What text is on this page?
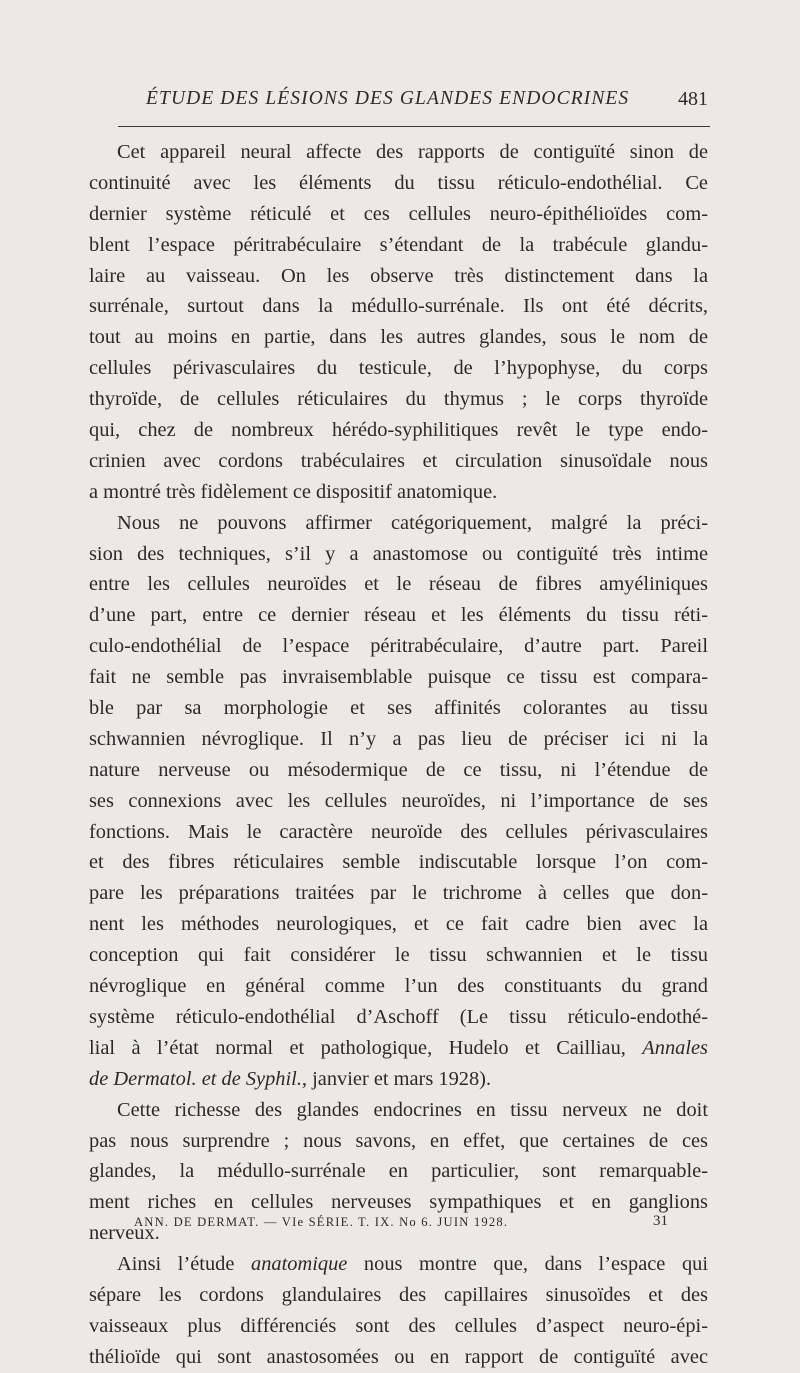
ÉTUDE DES LÉSIONS DES GLANDES ENDOCRINES 481
Cet appareil neural affecte des rapports de contiguïté sinon de
continuité avec les éléments du tissu réticulo-endothélial. Ce
dernier système réticulé et ces cellules neuro-épithélioïdes com-
blent l’espace péritrabéculaire s’étendant de la trabécule glandu-
laire au vaisseau. On les observe très distinctement dans la
surrénale, surtout dans la médullo-surrénale. Ils ont été décrits,
tout au moins en partie, dans les autres glandes, sous le nom de
cellules périvasculaires du testicule, de l’hypophyse, du corps
thyroïde, de cellules réticulaires du thymus ; le corps thyroïde
qui, chez de nombreux hérédo-syphilitiques revêt le type endo-
crinien avec cordons trabéculaires et circulation sinusoïdale nous
a montré très fidèlement ce dispositif anatomique.
Nous ne pouvons affirmer catégoriquement, malgré la préci-
sion des techniques, s’il y a anastomose ou contiguïté très intime
entre les cellules neuroïdes et le réseau de fibres amyéliniques
d’une part, entre ce dernier réseau et les éléments du tissu réti-
culo-endothélial de l’espace péritrabéculaire, d’autre part. Pareil
fait ne semble pas invraisemblable puisque ce tissu est compara-
ble par sa morphologie et ses affinités colorantes au tissu
schwannien névroglique. Il n’y a pas lieu de préciser ici ni la
nature nerveuse ou mésodermique de ce tissu, ni l’étendue de
ses connexions avec les cellules neuroïdes, ni l’importance de ses
fonctions. Mais le caractère neuroïde des cellules périvasculaires
et des fibres réticulaires semble indiscutable lorsque l’on com-
pare les préparations traitées par le trichrome à celles que don-
nent les méthodes neurologiques, et ce fait cadre bien avec la
conception qui fait considérer le tissu schwannien et le tissu
névroglique en général comme l’un des constituants du grand
système réticulo-endothélial d’Aschoff (Le tissu réticulo-endothé-
lial à l’état normal et pathologique, Hudelo et Cailliau, Annales
de Dermatol. et de Syphil., janvier et mars 1928).
Cette richesse des glandes endocrines en tissu nerveux ne doit
pas nous surprendre ; nous savons, en effet, que certaines de ces
glandes, la médullo-surrénale en particulier, sont remarquable-
ment riches en cellules nerveuses sympathiques et en ganglions
nerveux.
Ainsi l’étude anatomique nous montre que, dans l’espace qui
sépare les cordons glandulaires des capillaires sinusoïdes et des
vaisseaux plus différenciés sont des cellules d’aspect neuro-épi-
thélioïde qui sont anastosomées ou en rapport de contiguïté avec
ANN. DE DERMAT. — VIe SÉRIE. T. IX. No 6. JUIN 1928.	31
